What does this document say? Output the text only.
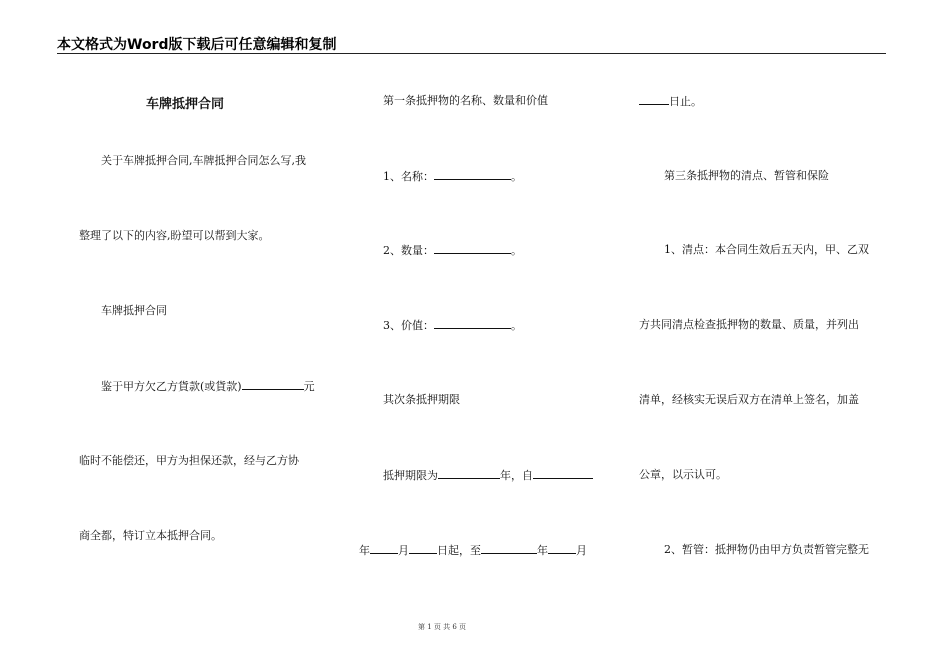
本文格式为Word版下载后可任意编辑和复制
车牌抵押合同
关于车牌抵押合同,车牌抵押合同怎么写,我
整理了以下的内容,盼望可以帮到大家。
车牌抵押合同
鉴于甲方欠乙方貨款(或貨款)	元
临时不能偿还，甲方为担保还款，经与乙方协
商全都，特订立本抵押合同。
第一条抵押物的名称、数量和价值
1、名称：	。
2、数量：	。
3、价值：	。
其次条抵押期限
抵押期限为	年，自
年	月	日起，至	年	月
日止。
第三条抵押物的清点、暂管和保险
1、清点：本合同生效后五天内，甲、乙双
方共同清点检查抵押物的数量、质量，并列出
清单，经核实无误后双方在清单上签名，加盖
公章，以示认可。
2、暂管：抵押物仍由甲方负责暂管完整无
第 1 页 共 6 页
